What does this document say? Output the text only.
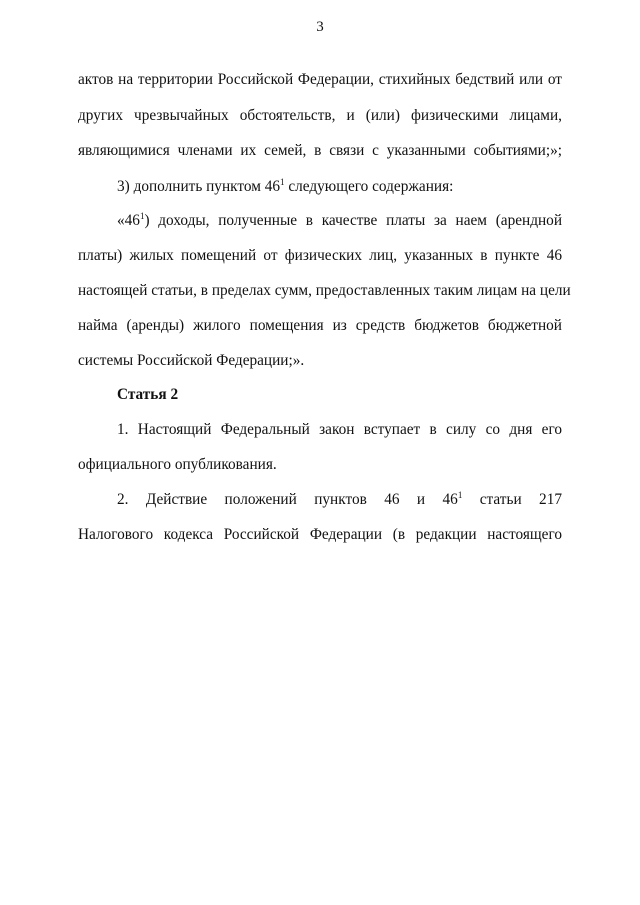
3
актов на территории Российской Федерации, стихийных бедствий или от
других чрезвычайных обстоятельств, и (или) физическими лицами,
являющимися членами их семей, в связи с указанными событиями;»;
3) дополнить пунктом $46^1$ следующего содержания:
«$46^1$) доходы, полученные в качестве платы за наем (арендной
платы) жилых помещений от физических лиц, указанных в пункте 46
настоящей статьи, в пределах сумм, предоставленных таким лицам на цели
найма (аренды) жилого помещения из средств бюджетов бюджетной
системы Российской Федерации;».
Статья 2
1. Настоящий Федеральный закон вступает в силу со дня его
официального опубликования.
2. Действие положений пунктов 46 и $46^1$ статьи 217
Налогового кодекса Российской Федерации (в редакции настоящего
